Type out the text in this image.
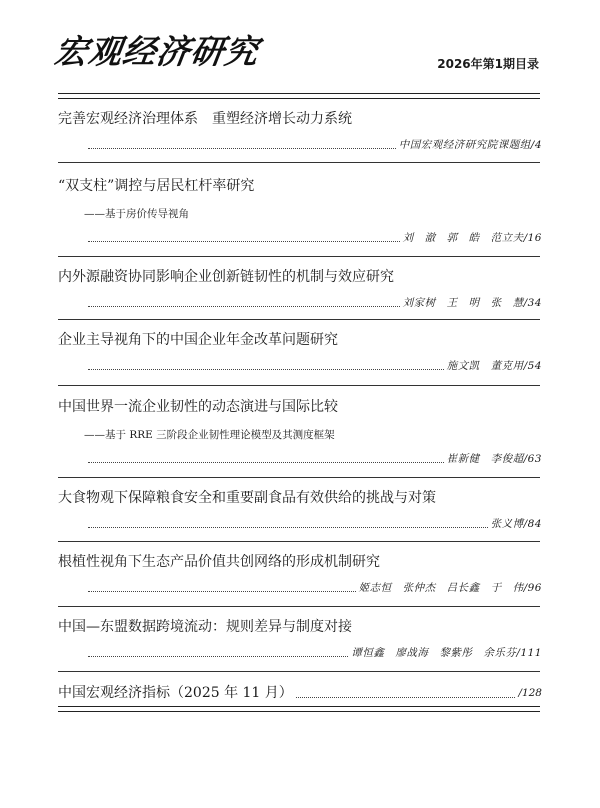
宏观经济研究	2026年第1期目录
完善宏观经济治理体系　重塑经济增长动力系统
中国宏观经济研究院课题组/4
“双支柱”调控与居民杠杆率研究
——基于房价传导视角
刘　澈　郭　皓　范立夫/16
内外源融资协同影响企业创新链韧性的机制与效应研究
刘家树　王　明　张　慧/34
企业主导视角下的中国企业年金改革问题研究
施文凯　董克用/54
中国世界一流企业韧性的动态演进与国际比较
——基于 RRE 三阶段企业韧性理论模型及其测度框架
崔新健　李俊超/63
大食物观下保障粮食安全和重要副食品有效供给的挑战与对策
张义博/84
根植性视角下生态产品价值共创网络的形成机制研究
姬志恒　张仲杰　吕长鑫　于　伟/96
中国—东盟数据跨境流动：规则差异与制度对接
谭恒鑫　廖战海　黎紫彤　余乐芬/111
中国宏观经济指标（2025 年 11 月）	/128
